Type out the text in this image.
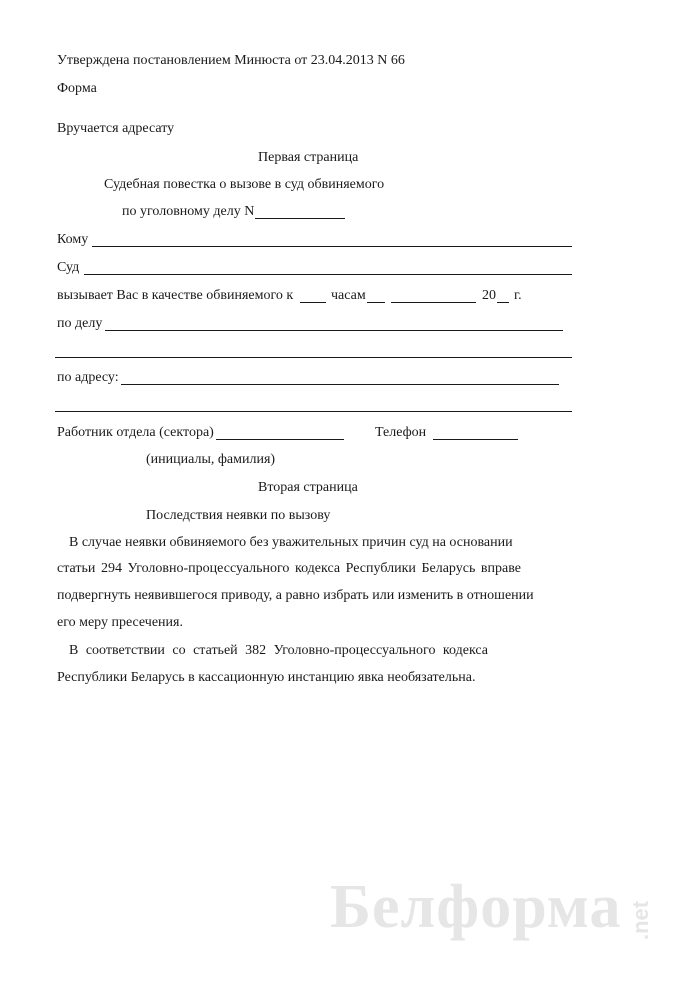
Утверждена постановлением Минюста от 23.04.2013 N 66
Форма
Вручается адресату
Первая страница
Судебная повестка о вызове в суд обвиняемого
по уголовному делу N
Кому
Суд
вызывает Вас в качестве обвиняемого к	часам	20 г.
по делу
по адресу:
Работник отдела (сектора)	Телефон
(инициалы, фамилия)
Вторая страница
Последствия неявки по вызову
В случае неявки обвиняемого без уважительных причин суд на основании
статьи 294 Уголовно-процессуального кодекса Республики Беларусь вправе
подвергнуть неявившегося приводу, а равно избрать или изменить в отношении
его меру пресечения.
В соответствии со статьей 382 Уголовно-процессуального кодекса
Республики Беларусь в кассационную инстанцию явка необязательна.
Белформа .net
